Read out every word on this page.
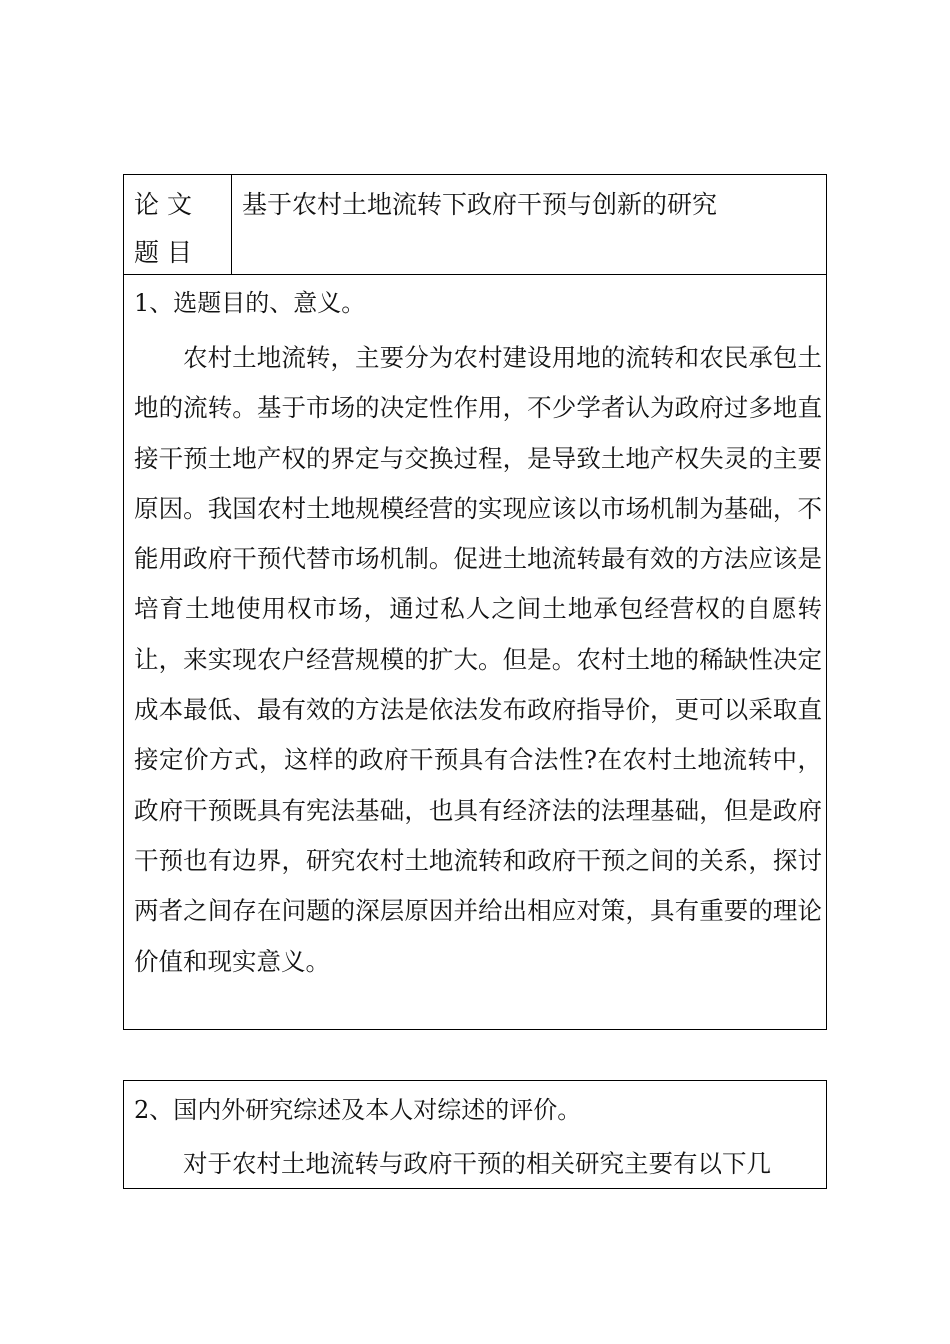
论文题目

基于农村土地流转下政府干预与创新的研究

1、选题目的、意义。

农村土地流转，主要分为农村建设用地的流转和农民承包土地的流转。基于市场的决定性作用，不少学者认为政府过多地直接干预土地产权的界定与交换过程，是导致土地产权失灵的主要原因。我国农村土地规模经营的实现应该以市场机制为基础，不能用政府干预代替市场机制。促进土地流转最有效的方法应该是培育土地使用权市场，通过私人之间土地承包经营权的自愿转让，来实现农户经营规模的扩大。但是。农村土地的稀缺性决定成本最低、最有效的方法是依法发布政府指导价，更可以采取直接定价方式，这样的政府干预具有合法性?在农村土地流转中，政府干预既具有宪法基础，也具有经济法的法理基础，但是政府干预也有边界，研究农村土地流转和政府干预之间的关系，探讨两者之间存在问题的深层原因并给出相应对策，具有重要的理论价值和现实意义。

2、国内外研究综述及本人对综述的评价。

对于农村土地流转与政府干预的相关研究主要有以下几
